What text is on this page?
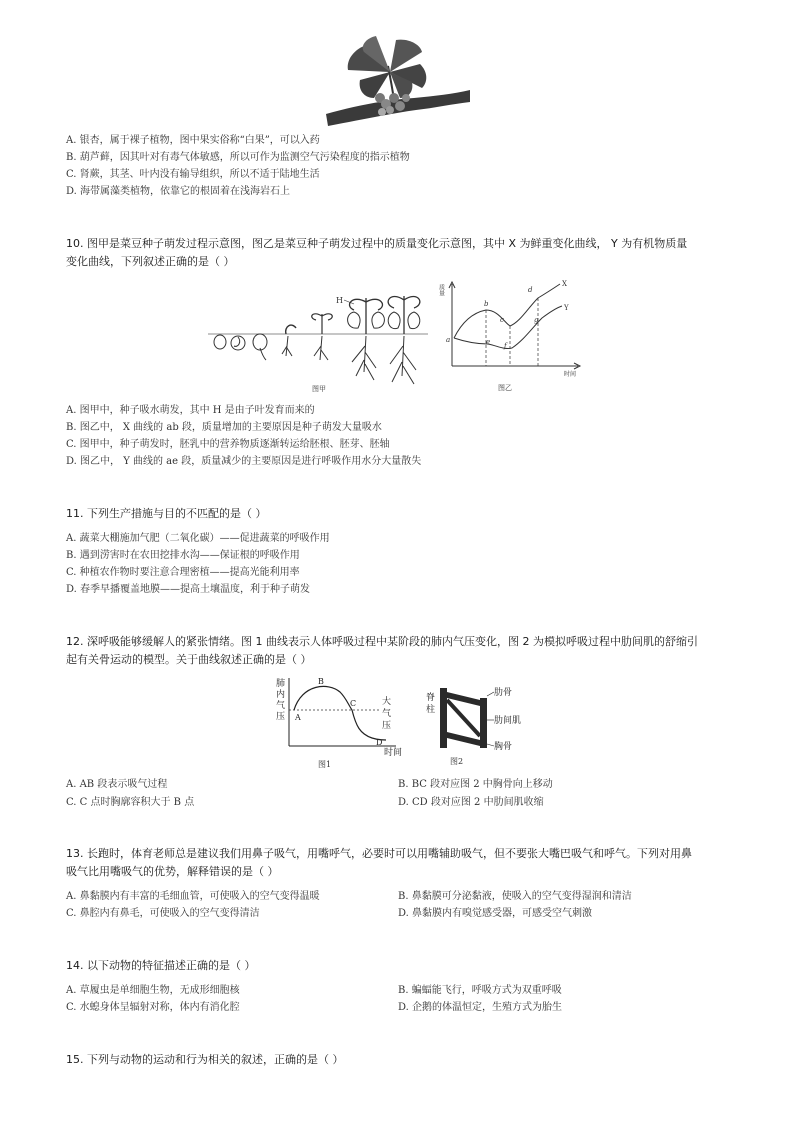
A. 银杏，属于裸子植物，图中果实俗称“白果”，可以入药
B. 葫芦藓，因其叶对有毒气体敏感，所以可作为监测空气污染程度的指示植物
C. 肾蕨，其茎、叶内没有输导组织，所以不适于陆地生活
D. 海带属藻类植物，依靠它的根固着在浅海岩石上
10. 图甲是菜豆种子萌发过程示意图，图乙是菜豆种子萌发过程中的质量变化示意图，其中 X 为鲜重变化曲线， Y 为有机物质量
变化曲线，下列叙述正确的是（ ）
H
图甲
质量
时间
X
Y
a
b
c
d
e f
g
图乙
A. 图甲中，种子吸水萌发，其中 H 是由子叶发育而来的
B. 图乙中， X 曲线的 ab 段，质量增加的主要原因是种子萌发大量吸水
C. 图甲中，种子萌发时，胚乳中的营养物质逐渐转运给胚根、胚芽、胚轴
D. 图乙中， Y 曲线的 ae 段，质量减少的主要原因是进行呼吸作用水分大量散失
11. 下列生产措施与目的不匹配的是（ ）
A. 蔬菜大棚施加气肥（二氧化碳）——促进蔬菜的呼吸作用
B. 遇到涝害时在农田挖排水沟——保证根的呼吸作用
C. 种植农作物时要注意合理密植——提高光能利用率
D. 春季早播覆盖地膜——提高土壤温度，利于种子萌发
12. 深呼吸能够缓解人的紧张情绪。图 1 曲线表示人体呼吸过程中某阶段的肺内气压变化，图 2 为模拟呼吸过程中肋间肌的舒缩引
起有关骨运动的模型。关于曲线叙述正确的是（ ）
肺
内
气
压 A
B
C
D
大
气
压
时间
图1
脊
柱
肋骨
肋间肌
胸骨
图2
A. AB 段表示吸气过程	B. BC 段对应图 2 中胸骨向上移动
C. C 点时胸廓容积大于 B 点	D. CD 段对应图 2 中肋间肌收缩
13. 长跑时，体育老师总是建议我们用鼻子吸气，用嘴呼气，必要时可以用嘴辅助吸气，但不要张大嘴巴吸气和呼气。下列对用鼻
吸气比用嘴吸气的优势，解释错误的是（ ）
A. 鼻黏膜内有丰富的毛细血管，可使吸入的空气变得温暖	B. 鼻黏膜可分泌黏液，使吸入的空气变得湿润和清洁
C. 鼻腔内有鼻毛，可使吸入的空气变得清洁	D. 鼻黏膜内有嗅觉感受器，可感受空气刺激
14. 以下动物的特征描述正确的是（ ）
A. 草履虫是单细胞生物，无成形细胞核	B. 蝙蝠能飞行，呼吸方式为双重呼吸
C. 水螅身体呈辐射对称，体内有消化腔	D. 企鹅的体温恒定，生殖方式为胎生
15. 下列与动物的运动和行为相关的叙述，正确的是（ ）
